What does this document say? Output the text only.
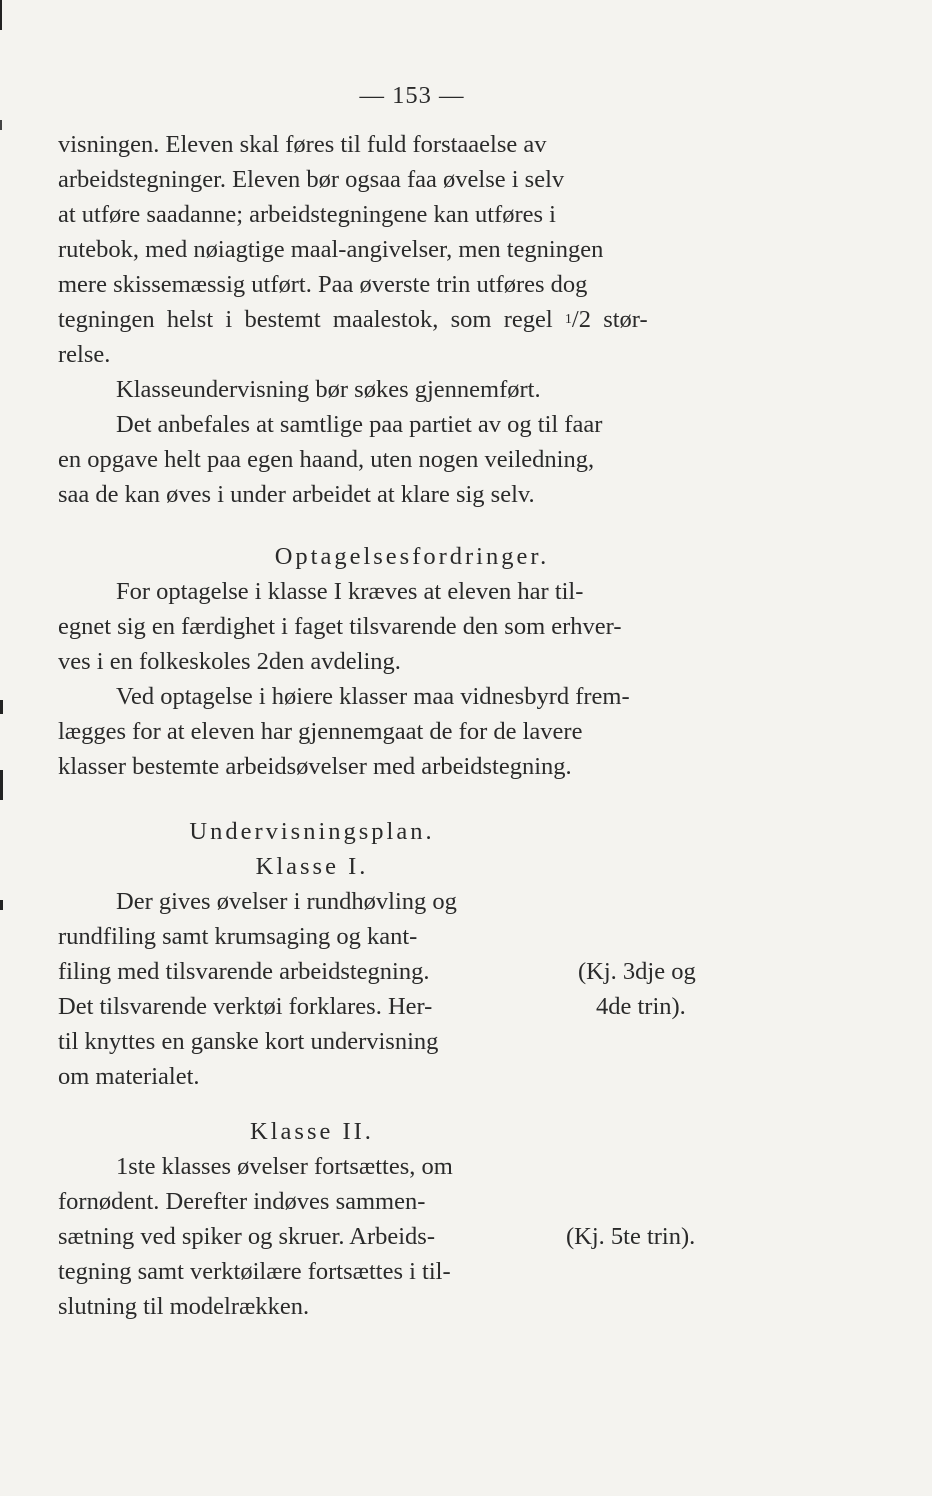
— 153 —
visningen. Eleven skal føres til fuld forstaaelse av
arbeidstegninger. Eleven bør ogsaa faa øvelse i selv
at utføre saadanne; arbeidstegningene kan utføres i
rutebok, med nøiagtige maal-angivelser, men tegningen
mere skissemæssig utført. Paa øverste trin utføres dog
tegningen  helst  i  bestemt  maalestok,  som  regel 1 /2  stør-
relse.
Klasseundervisning bør søkes gjennemført.
Det anbefales at samtlige paa partiet av og til faar
en opgave helt paa egen haand, uten nogen veiledning,
saa de kan øves i under arbeidet at klare sig selv.
Optagelsesfordringer.
For optagelse i klasse I kræves at eleven har til-
egnet sig en færdighet i faget tilsvarende den som erhver-
ves i en folkeskoles 2den avdeling.
Ved optagelse i høiere klasser maa vidnesbyrd frem-
lægges for at eleven har gjennemgaat de for de lavere
klasser bestemte arbeidsøvelser med arbeidstegning.
Undervisningsplan.
Klasse I.
Der gives øvelser i rundhøvling og
rundfiling samt krumsaging og kant-
filing med tilsvarende arbeidstegning.
Det tilsvarende verktøi forklares. Her-
til knyttes en ganske kort undervisning
om materialet.
(Kj. 3dje og
4de trin).
Klasse II.
1ste klasses øvelser fortsættes, om
fornødent. Derefter indøves sammen-
sætning ved spiker og skruer. Arbeids-
tegning samt verktøilære fortsættes i til-
slutning til modelrækken.
(Kj. 5te trin).
